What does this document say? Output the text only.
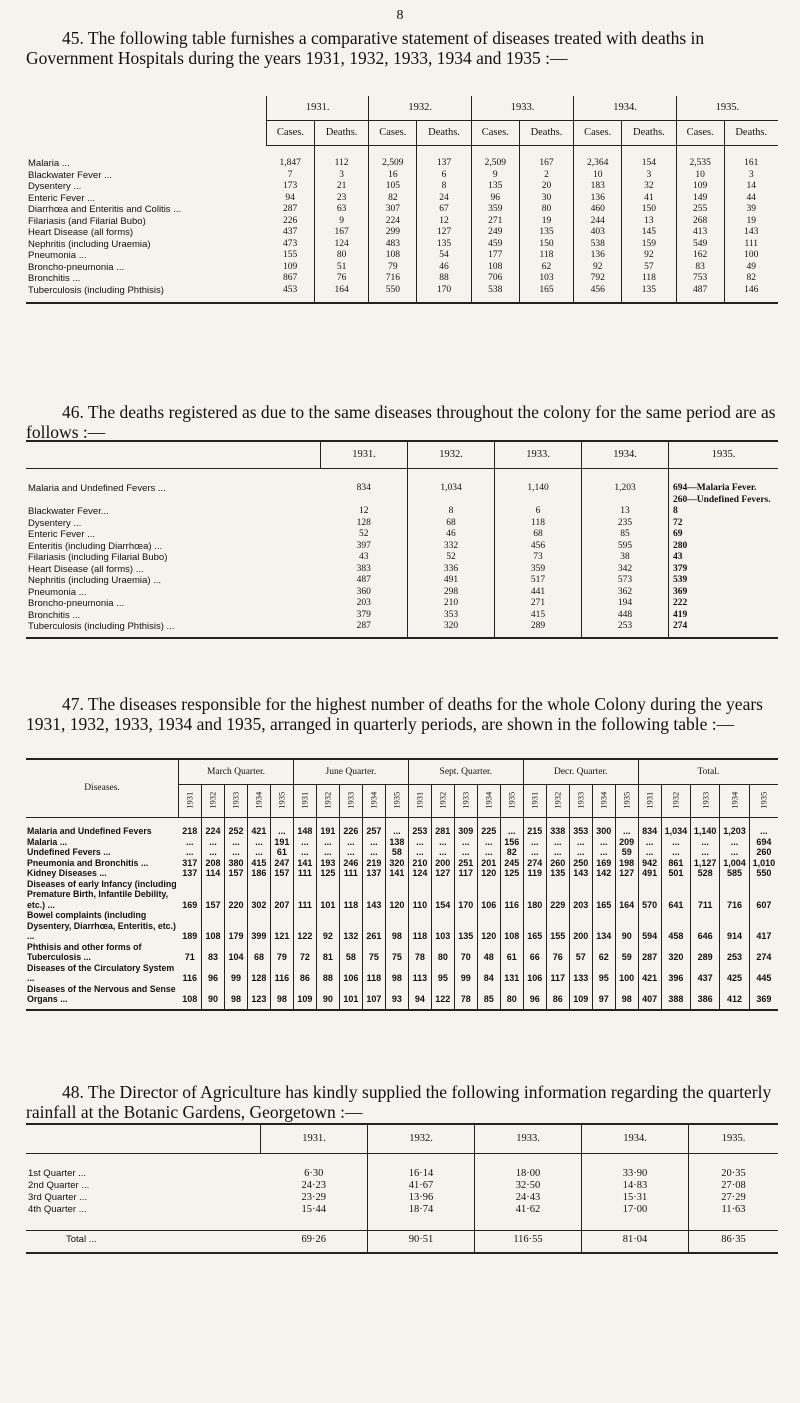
8
45. The following table furnishes a comparative statement of diseases treated with deaths in Government Hospitals during the years 1931, 1932, 1933, 1934 and 1935 :—
	1931.		1932.		1933.		1934.		1935.	
	Cases.	Deaths.	Cases.	Deaths.	Cases.	Deaths.	Cases.	Deaths.	Cases.	Deaths.

Malaria ...	1,847	112	2,509	137	2,509	167	2,364	154	2,535	161
Blackwater Fever ...	7	3	16	6	9	2	10	3	10	3
Dysentery ...	173	21	105	8	135	20	183	32	109	14
Enteric Fever ...	94	23	82	24	96	30	136	41	149	44
Diarrhœa and Enteritis and Colitis ...	287	63	307	67	359	80	460	150	255	39
Filariasis (and Filarial Bubo)	226	9	224	12	271	19	244	13	268	19
Heart Disease (all forms)	437	167	299	127	249	135	403	145	413	143
Nephritis (including Uraemia)	473	124	483	135	459	150	538	159	549	111
Pneumonia ...	155	80	108	54	177	118	136	92	162	100
Broncho-pneumonia ...	109	51	79	46	108	62	92	57	83	49
Bronchitis ...	867	76	716	88	706	103	792	118	753	82
Tuberculosis (including Phthisis)	453	164	550	170	538	165	456	135	487	146

46. The deaths registered as due to the same diseases throughout the colony for the same period are as follows :—
	1931.	1932.	1933.	1934.	1935.

Malaria and Undefined Fevers ...	834	1,034	1,140	1,203	694—Malaria Fever.
					260—Undefined Fevers.
Blackwater Fever...	12	8	6	13	8
Dysentery ...	128	68	118	235	72
Enteric Fever ...	52	46	68	85	69
Enteritis (including Diarrhœa) ...	397	332	456	595	280
Filariasis (including Filarial Bubo)	43	52	73	38	43
Heart Disease (all forms) ...	383	336	359	342	379
Nephritis (including Uraemia) ...	487	491	517	573	539
Pneumonia ...	360	298	441	362	369
Broncho-pneumonia ...	203	210	271	194	222
Bronchitis ...	379	353	415	448	419
Tuberculosis (including Phthisis) ...	287	320	289	253	274

47. The diseases responsible for the highest number of deaths for the whole Colony during the years 1931, 1932, 1933, 1934 and 1935, arranged in quarterly periods, are shown in the following table :—
Diseases.	March Quarter.					June Quarter.					Sept. Quarter.					Decr. Quarter.					Total.				
	1931	1932	1933	1934	1935	1931	1932	1933	1934	1935	1931	1932	1933	1934	1935	1931	1932	1933	1934	1935	1931	1932	1933	1934	1935

Malaria and Undefined Fevers	218	224	252	421	...	148	191	226	257	...	253	281	309	225	...	215	338	353	300	...	834	1,034	1,140	1,203	...
Malaria ...	...	...	...	...	191	...	...	...	...	138	...	...	...	...	156	...	...	...	...	209	...	...	...	...	694
Undefined Fevers ...	...	...	...	...	61	...	...	...	...	58	...	...	...	...	82	...	...	...	...	59	...	...	...	...	260
Pneumonia and Bronchitis ...	317	208	380	415	247	141	193	246	219	320	210	200	251	201	245	274	260	250	169	198	942	861	1,127	1,004	1,010
Kidney Diseases ...	137	114	157	186	157	111	125	111	137	141	124	127	117	120	125	119	135	143	142	127	491	501	528	585	550
Diseases of early Infancy (including Premature Birth, Infantile Debility, etc.) ...	169	157	220	302	207	111	101	118	143	120	110	154	170	106	116	180	229	203	165	164	570	641	711	716	607
Bowel complaints (including Dysentery, Diarrhœa, Enteritis, etc.) ...	189	108	179	399	121	122	92	132	261	98	118	103	135	120	108	165	155	200	134	90	594	458	646	914	417
Phthisis and other forms of Tuberculosis ...	71	83	104	68	79	72	81	58	75	75	78	80	70	48	61	66	76	57	62	59	287	320	289	253	274
Diseases of the Circulatory System ...	116	96	99	128	116	86	88	106	118	98	113	95	99	84	131	106	117	133	95	100	421	396	437	425	445
Diseases of the Nervous and Sense Organs ...	108	90	98	123	98	109	90	101	107	93	94	122	78	85	80	96	86	109	97	98	407	388	386	412	369

48. The Director of Agriculture has kindly supplied the following information regarding the quarterly rainfall at the Botanic Gardens, Georgetown :—
	1931.	1932.	1933.	1934.	1935.

1st Quarter ...	6·30	16·14	18·00	33·90	20·35
2nd Quarter ...	24·23	41·67	32·50	14·83	27·08
3rd Quarter ...	23·29	13·96	24·43	15·31	27·29
4th Quarter ...	15·44	18·74	41·62	17·00	11·63

Total ...	69·26	90·51	116·55	81·04	86·35
